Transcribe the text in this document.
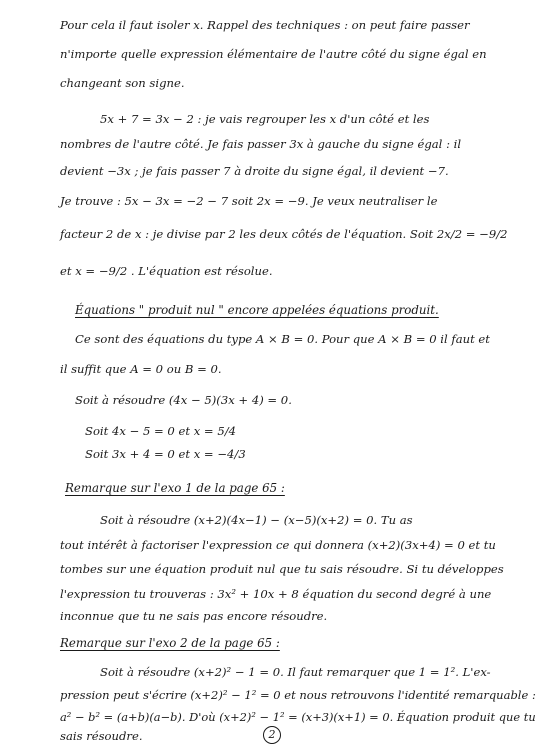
Pour cela il faut isoler x. Rappel des techniques : on peut faire passer
n'importe quelle expression élémentaire de l'autre côté du signe égal en
changeant son signe.
5x + 7 = 3x − 2 : je vais regrouper les x d'un côté et les
nombres de l'autre côté. Je fais passer 3x à gauche du signe égal : il
devient −3x ; je fais passer 7 à droite du signe égal, il devient −7.
Je trouve : 5x − 3x = −2 − 7 soit 2x = −9. Je veux neutraliser le
facteur 2 de x : je divise par 2 les deux côtés de l'équation. Soit 2x/2 = −9/2
et x = −9/2 . L'équation est résolue.
Équations " produit nul " encore appelées équations produit.
Ce sont des équations du type A × B = 0. Pour que A × B = 0 il faut et
il suffit que A = 0 ou B = 0.
Soit à résoudre (4x − 5)(3x + 4) = 0.
Soit 4x − 5 = 0 et x = 5/4
Soit 3x + 4 = 0 et x = −4/3
Remarque sur l'exo 1 de la page 65 :
Soit à résoudre (x+2)(4x−1) − (x−5)(x+2) = 0. Tu as
tout intérêt à factoriser l'expression ce qui donnera (x+2)(3x+4) = 0 et tu
tombes sur une équation produit nul que tu sais résoudre. Si tu développes
l'expression tu trouveras : 3x² + 10x + 8 équation du second degré à une
inconnue que tu ne sais pas encore résoudre.
Remarque sur l'exo 2 de la page 65 :
Soit à résoudre (x+2)² − 1 = 0. Il faut remarquer que 1 = 1². L'ex-
pression peut s'écrire (x+2)² − 1² = 0 et nous retrouvons l'identité remarquable :
a² − b² = (a+b)(a−b). D'où (x+2)² − 1² = (x+3)(x+1) = 0. Équation produit que tu
sais résoudre.	2
